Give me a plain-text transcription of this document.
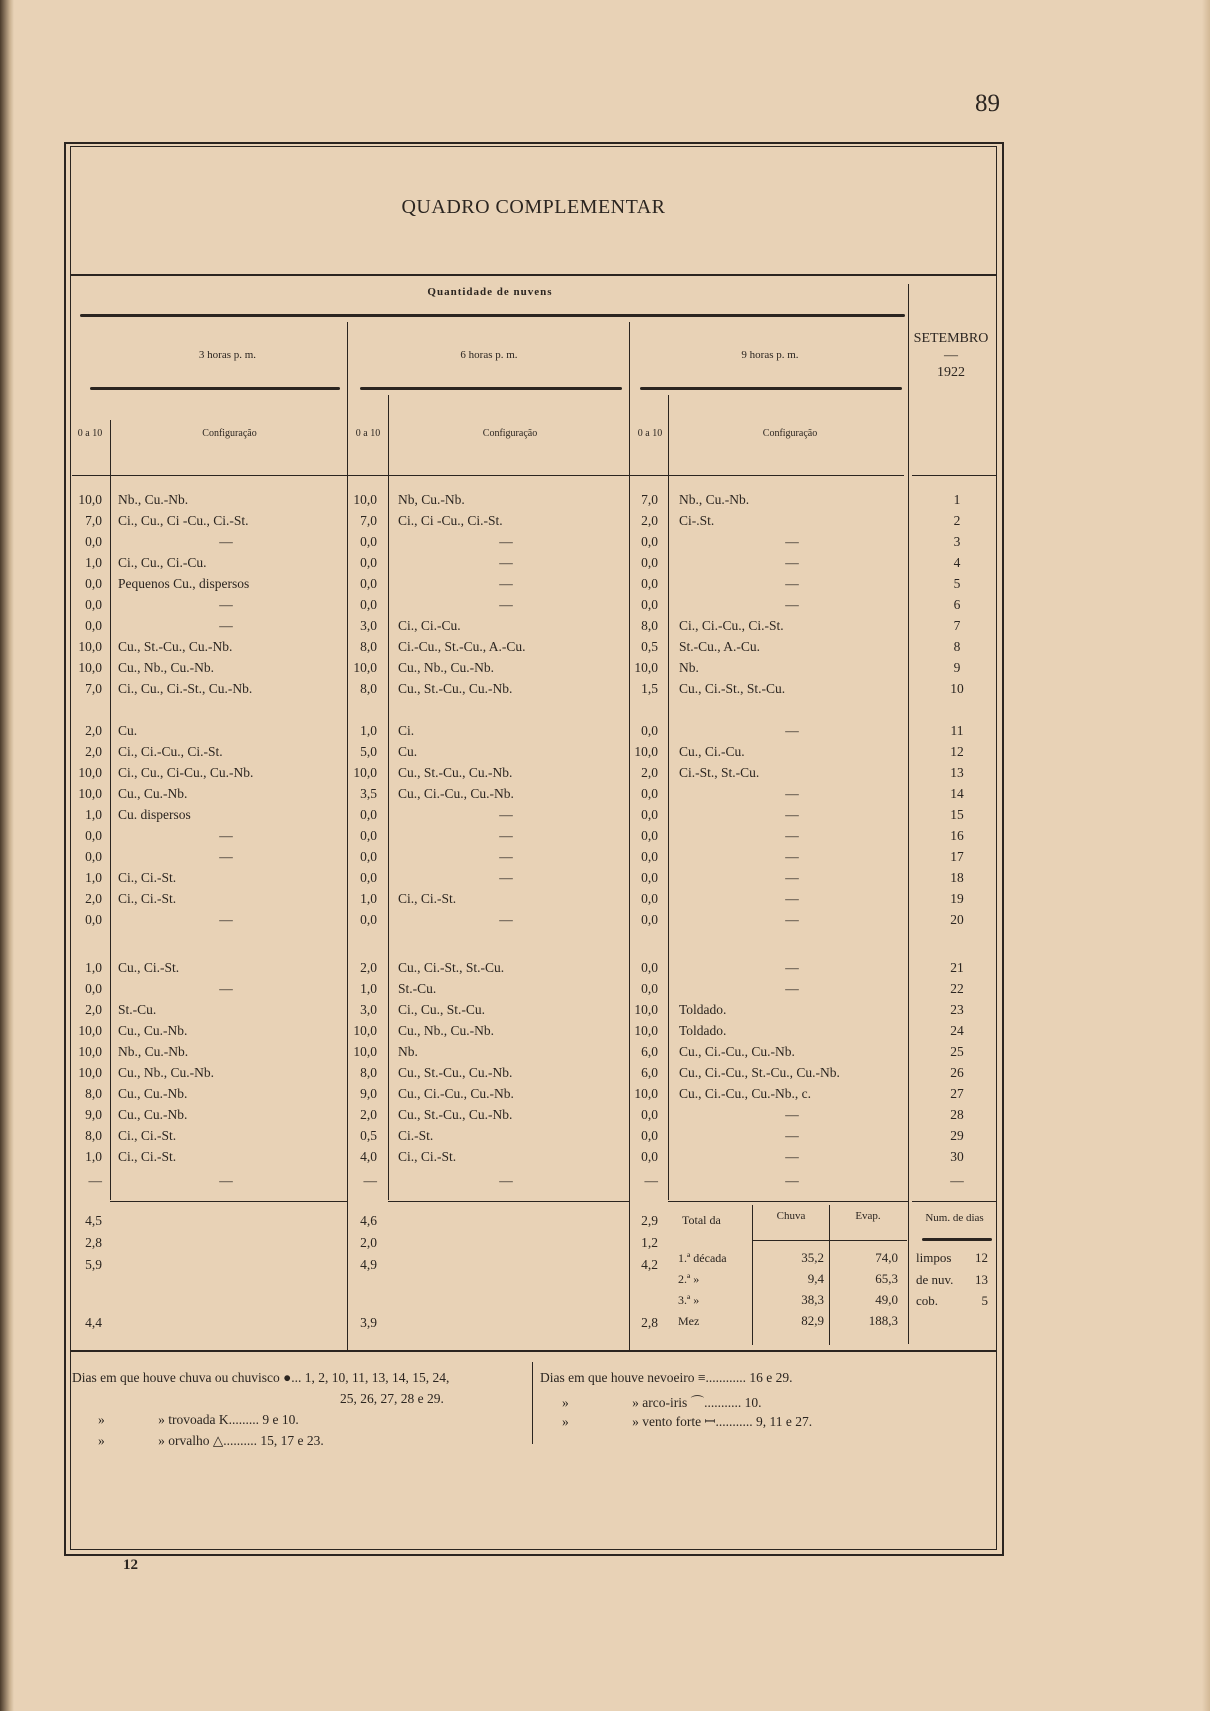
89
QUADRO COMPLEMENTAR
Quantidade de nuvens
3 horas p. m.	6 horas p. m.	9 horas p. m.
SETEMBRO
—
1922
0 a 10	Configuração	0 a 10	Configuração	0 a 10	Configuração
10,0 Nb., Cu.-Nb.	10,0 Nb, Cu.-Nb.	7,0 Nb., Cu.-Nb.	1
7,0 Ci., Cu., Ci -Cu., Ci.-St.	7,0 Ci., Ci -Cu., Ci.-St.	2,0 Ci-.St.	2
0,0	—	0,0	—	0,0	—	3
1,0 Ci., Cu., Ci.-Cu.	0,0	—	0,0	—	4
0,0 Pequenos Cu., dispersos	0,0	—	0,0	—	5
0,0	—	0,0	—	0,0	—	6
0,0	—	3,0 Ci., Ci.-Cu.	8,0 Ci., Ci.-Cu., Ci.-St.	7
10,0 Cu., St.-Cu., Cu.-Nb.	8,0 Ci.-Cu., St.-Cu., A.-Cu.	0,5 St.-Cu., A.-Cu.	8
10,0 Cu., Nb., Cu.-Nb.	10,0 Cu., Nb., Cu.-Nb.	10,0 Nb.	9
7,0 Ci., Cu., Ci.-St., Cu.-Nb.	8,0 Cu., St.-Cu., Cu.-Nb.	1,5 Cu., Ci.-St., St.-Cu.	10
2,0 Cu.	1,0 Ci.	0,0	—	11
2,0 Ci., Ci.-Cu., Ci.-St.	5,0 Cu.	10,0 Cu., Ci.-Cu.	12
10,0 Ci., Cu., Ci-Cu., Cu.-Nb.	10,0 Cu., St.-Cu., Cu.-Nb.	2,0 Ci.-St., St.-Cu.	13
10,0 Cu., Cu.-Nb.	3,5 Cu., Ci.-Cu., Cu.-Nb.	0,0	—	14
1,0 Cu. dispersos	0,0	—	0,0	—	15
0,0	—	0,0	—	0,0	—	16
0,0	—	0,0	—	0,0	—	17
1,0 Ci., Ci.-St.	0,0	—	0,0	—	18
2,0 Ci., Ci.-St.	1,0 Ci., Ci.-St.	0,0	—	19
0,0	—	0,0	—	0,0	—	20
1,0 Cu., Ci.-St.	2,0 Cu., Ci.-St., St.-Cu.	0,0	—	21
0,0	—	1,0 St.-Cu.	0,0	—	22
2,0 St.-Cu.	3,0 Ci., Cu., St.-Cu.	10,0 Toldado.	23
10,0 Cu., Cu.-Nb.	10,0 Cu., Nb., Cu.-Nb.	10,0 Toldado.	24
10,0 Nb., Cu.-Nb.	10,0 Nb.	6,0 Cu., Ci.-Cu., Cu.-Nb.	25
10,0 Cu., Nb., Cu.-Nb.	8,0 Cu., St.-Cu., Cu.-Nb.	6,0 Cu., Ci.-Cu., St.-Cu., Cu.-Nb.	26
8,0 Cu., Cu.-Nb.	9,0 Cu., Ci.-Cu., Cu.-Nb.	10,0 Cu., Ci.-Cu., Cu.-Nb., c.	27
9,0 Cu., Cu.-Nb.	2,0 Cu., St.-Cu., Cu.-Nb.	0,0	—	28
8,0 Ci., Ci.-St.	0,5 Ci.-St.	0,0	—	29
1,0 Ci., Ci.-St.	4,0 Ci., Ci.-St.	0,0	—	30
—	—	—	—	—	—	—
4,5	4,6	2,9
2,8	2,0	1,2
5,9	4,9	4,2
4,4	3,9	2,8
Total da	Chuva	Evap.
1.ª década	35,2	74,0
2.ª »	9,4	65,3
3.ª »	38,3	49,0
Mez	82,9	188,3
Num. de dias
limpos	12
de nuv.	13
cob.	5
Dias em que houve chuva ou chuvisco ●... 1, 2, 10, 11, 13, 14, 15, 24,
25, 26, 27, 28 e 29.
»	» trovoada K......... 9 e 10.
»	» orvalho △.......... 15, 17 e 23.
Dias em que houve nevoeiro ≡............ 16 e 29.
»	» arco-iris ⌒........... 10.
»	» vento forte ꟷ........... 9, 11 e 27.
12
